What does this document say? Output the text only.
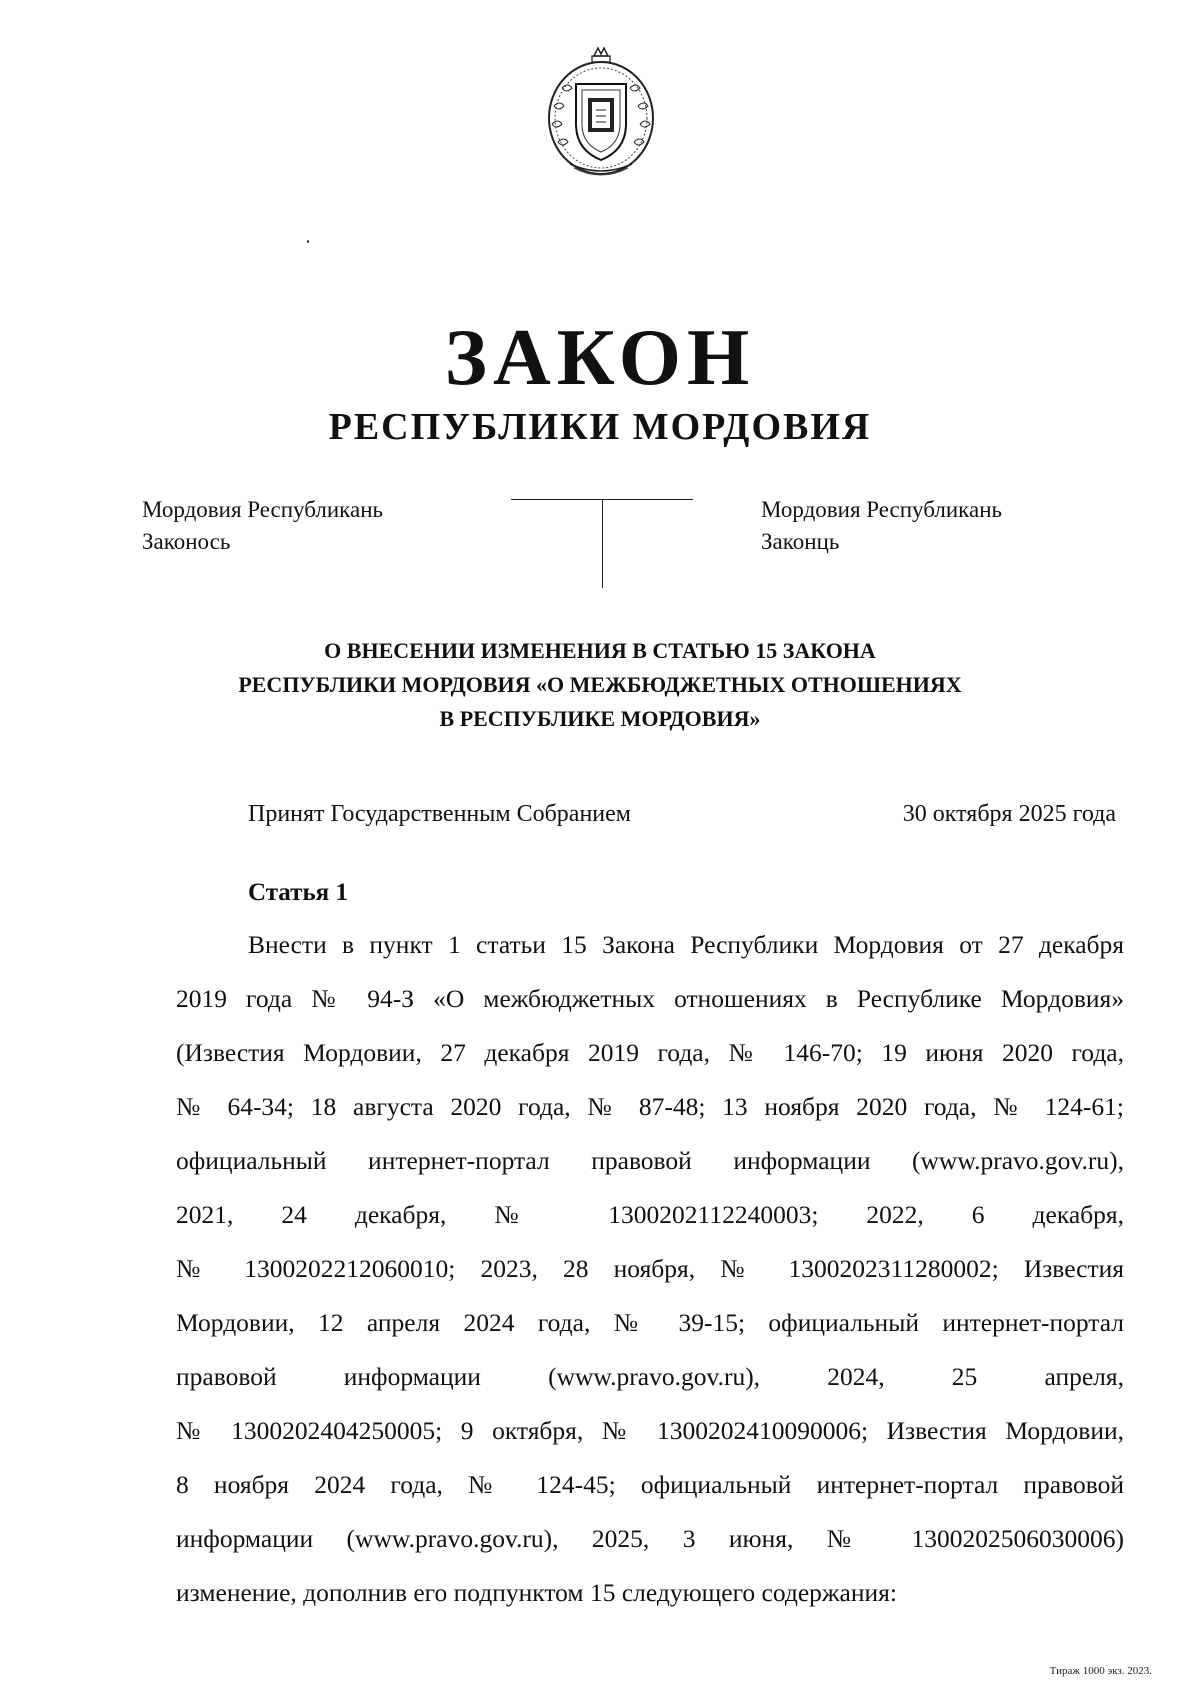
ЗАКОН
РЕСПУБЛИКИ МОРДОВИЯ
Мордовия Республикань
Законось
Мордовия Республикань
Законць
О ВНЕСЕНИИ ИЗМЕНЕНИЯ В СТАТЬЮ 15 ЗАКОНА
РЕСПУБЛИКИ МОРДОВИЯ «О МЕЖБЮДЖЕТНЫХ ОТНОШЕНИЯХ
В РЕСПУБЛИКЕ МОРДОВИЯ»
Принят Государственным Собранием	30 октября 2025 года
Статья 1
Внести в пункт 1 статьи 15 Закона Республики Мордовия от 27 декабря
2019 года № 94-З «О межбюджетных отношениях в Республике Мордовия»
(Известия Мордовии, 27 декабря 2019 года, № 146-70; 19 июня 2020 года,
№ 64-34; 18 августа 2020 года, № 87-48; 13 ноября 2020 года, № 124-61;
официальный интернет-портал правовой информации (www.pravo.gov.ru),
2021, 24 декабря, № 1300202112240003; 2022, 6 декабря,
№ 1300202212060010; 2023, 28 ноября, № 1300202311280002; Известия
Мордовии, 12 апреля 2024 года, № 39-15; официальный интернет-портал
правовой информации (www.pravo.gov.ru), 2024, 25 апреля,
№ 1300202404250005; 9 октября, № 1300202410090006; Известия Мордовии,
8 ноября 2024 года, № 124-45; официальный интернет-портал правовой
информации (www.pravo.gov.ru), 2025, 3 июня, № 1300202506030006)
изменение, дополнив его подпунктом 15 следующего содержания:
Тираж 1000 экз. 2023.
